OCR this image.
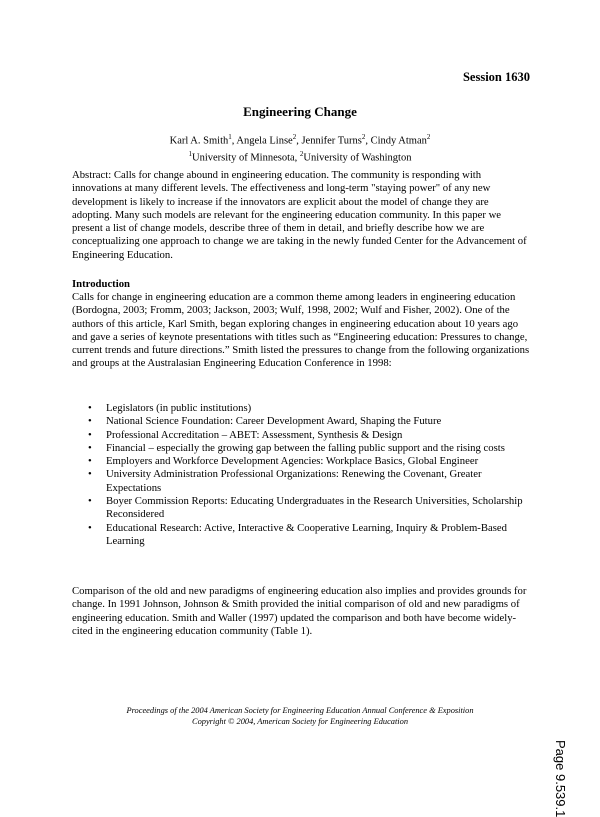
Session 1630
Engineering Change
Karl A. Smith$^1$, Angela Linse$^2$, Jennifer Turns$^2$, Cindy Atman$^2$
$^1$University of Minnesota, $^2$University of Washington
Abstract: Calls for change abound in engineering education. The community is responding with innovations at many different levels. The effectiveness and long-term "staying power" of any new development is likely to increase if the innovators are explicit about the model of change they are adopting. Many such models are relevant for the engineering education community. In this paper we present a list of change models, describe three of them in detail, and briefly describe how we are conceptualizing one approach to change we are taking in the newly funded Center for the Advancement of Engineering Education.
Introduction
Calls for change in engineering education are a common theme among leaders in engineering education (Bordogna, 2003; Fromm, 2003; Jackson, 2003; Wulf, 1998, 2002; Wulf and Fisher, 2002). One of the authors of this article, Karl Smith, began exploring changes in engineering education about 10 years ago and gave a series of keynote presentations with titles such as “Engineering education: Pressures to change, current trends and future directions.” Smith listed the pressures to change from the following organizations and groups at the Australasian Engineering Education Conference in 1998:
• Legislators (in public institutions)
• National Science Foundation: Career Development Award, Shaping the Future
• Professional Accreditation – ABET: Assessment, Synthesis & Design
• Financial – especially the growing gap between the falling public support and the rising costs
• Employers and Workforce Development Agencies: Workplace Basics, Global Engineer
• University Administration Professional Organizations: Renewing the Covenant, Greater Expectations
• Boyer Commission Reports: Educating Undergraduates in the Research Universities, Scholarship Reconsidered
• Educational Research: Active, Interactive & Cooperative Learning, Inquiry & Problem-Based Learning
Comparison of the old and new paradigms of engineering education also implies and provides grounds for change. In 1991 Johnson, Johnson & Smith provided the initial comparison of old and new paradigms of engineering education. Smith and Waller (1997) updated the comparison and both have become widely-cited in the engineering education community (Table 1).
Proceedings of the 2004 American Society for Engineering Education Annual Conference & Exposition
Copyright © 2004, American Society for Engineering Education
Page 9.539.1
